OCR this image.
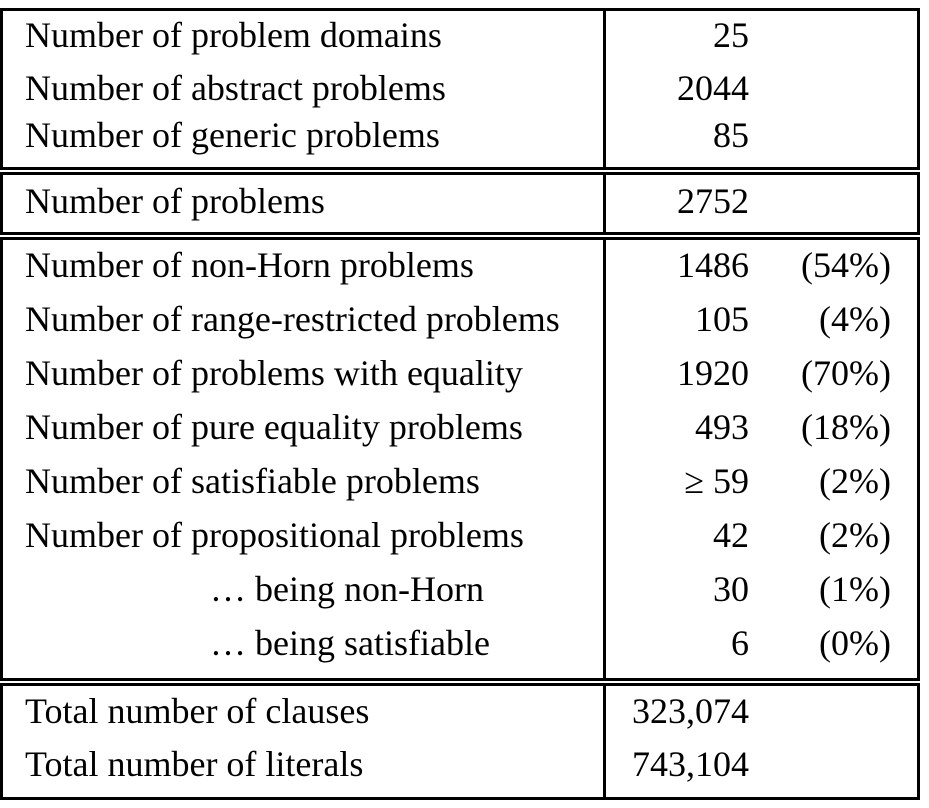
Number of problem domains	25
Number of abstract problems	2044
Number of generic problems	85
Number of problems	2752
Number of non-Horn problems	1486 (54%)
Number of range-restricted problems	105 (4%)
Number of problems with equality	1920 (70%)
Number of pure equality problems	493 (18%)
Number of satisfiable problems	≥ 59 (2%)
Number of propositional problems	42 (2%)
… being non-Horn	30 (1%)
… being satisfiable	6 (0%)
Total number of clauses	323,074
Total number of literals	743,104
